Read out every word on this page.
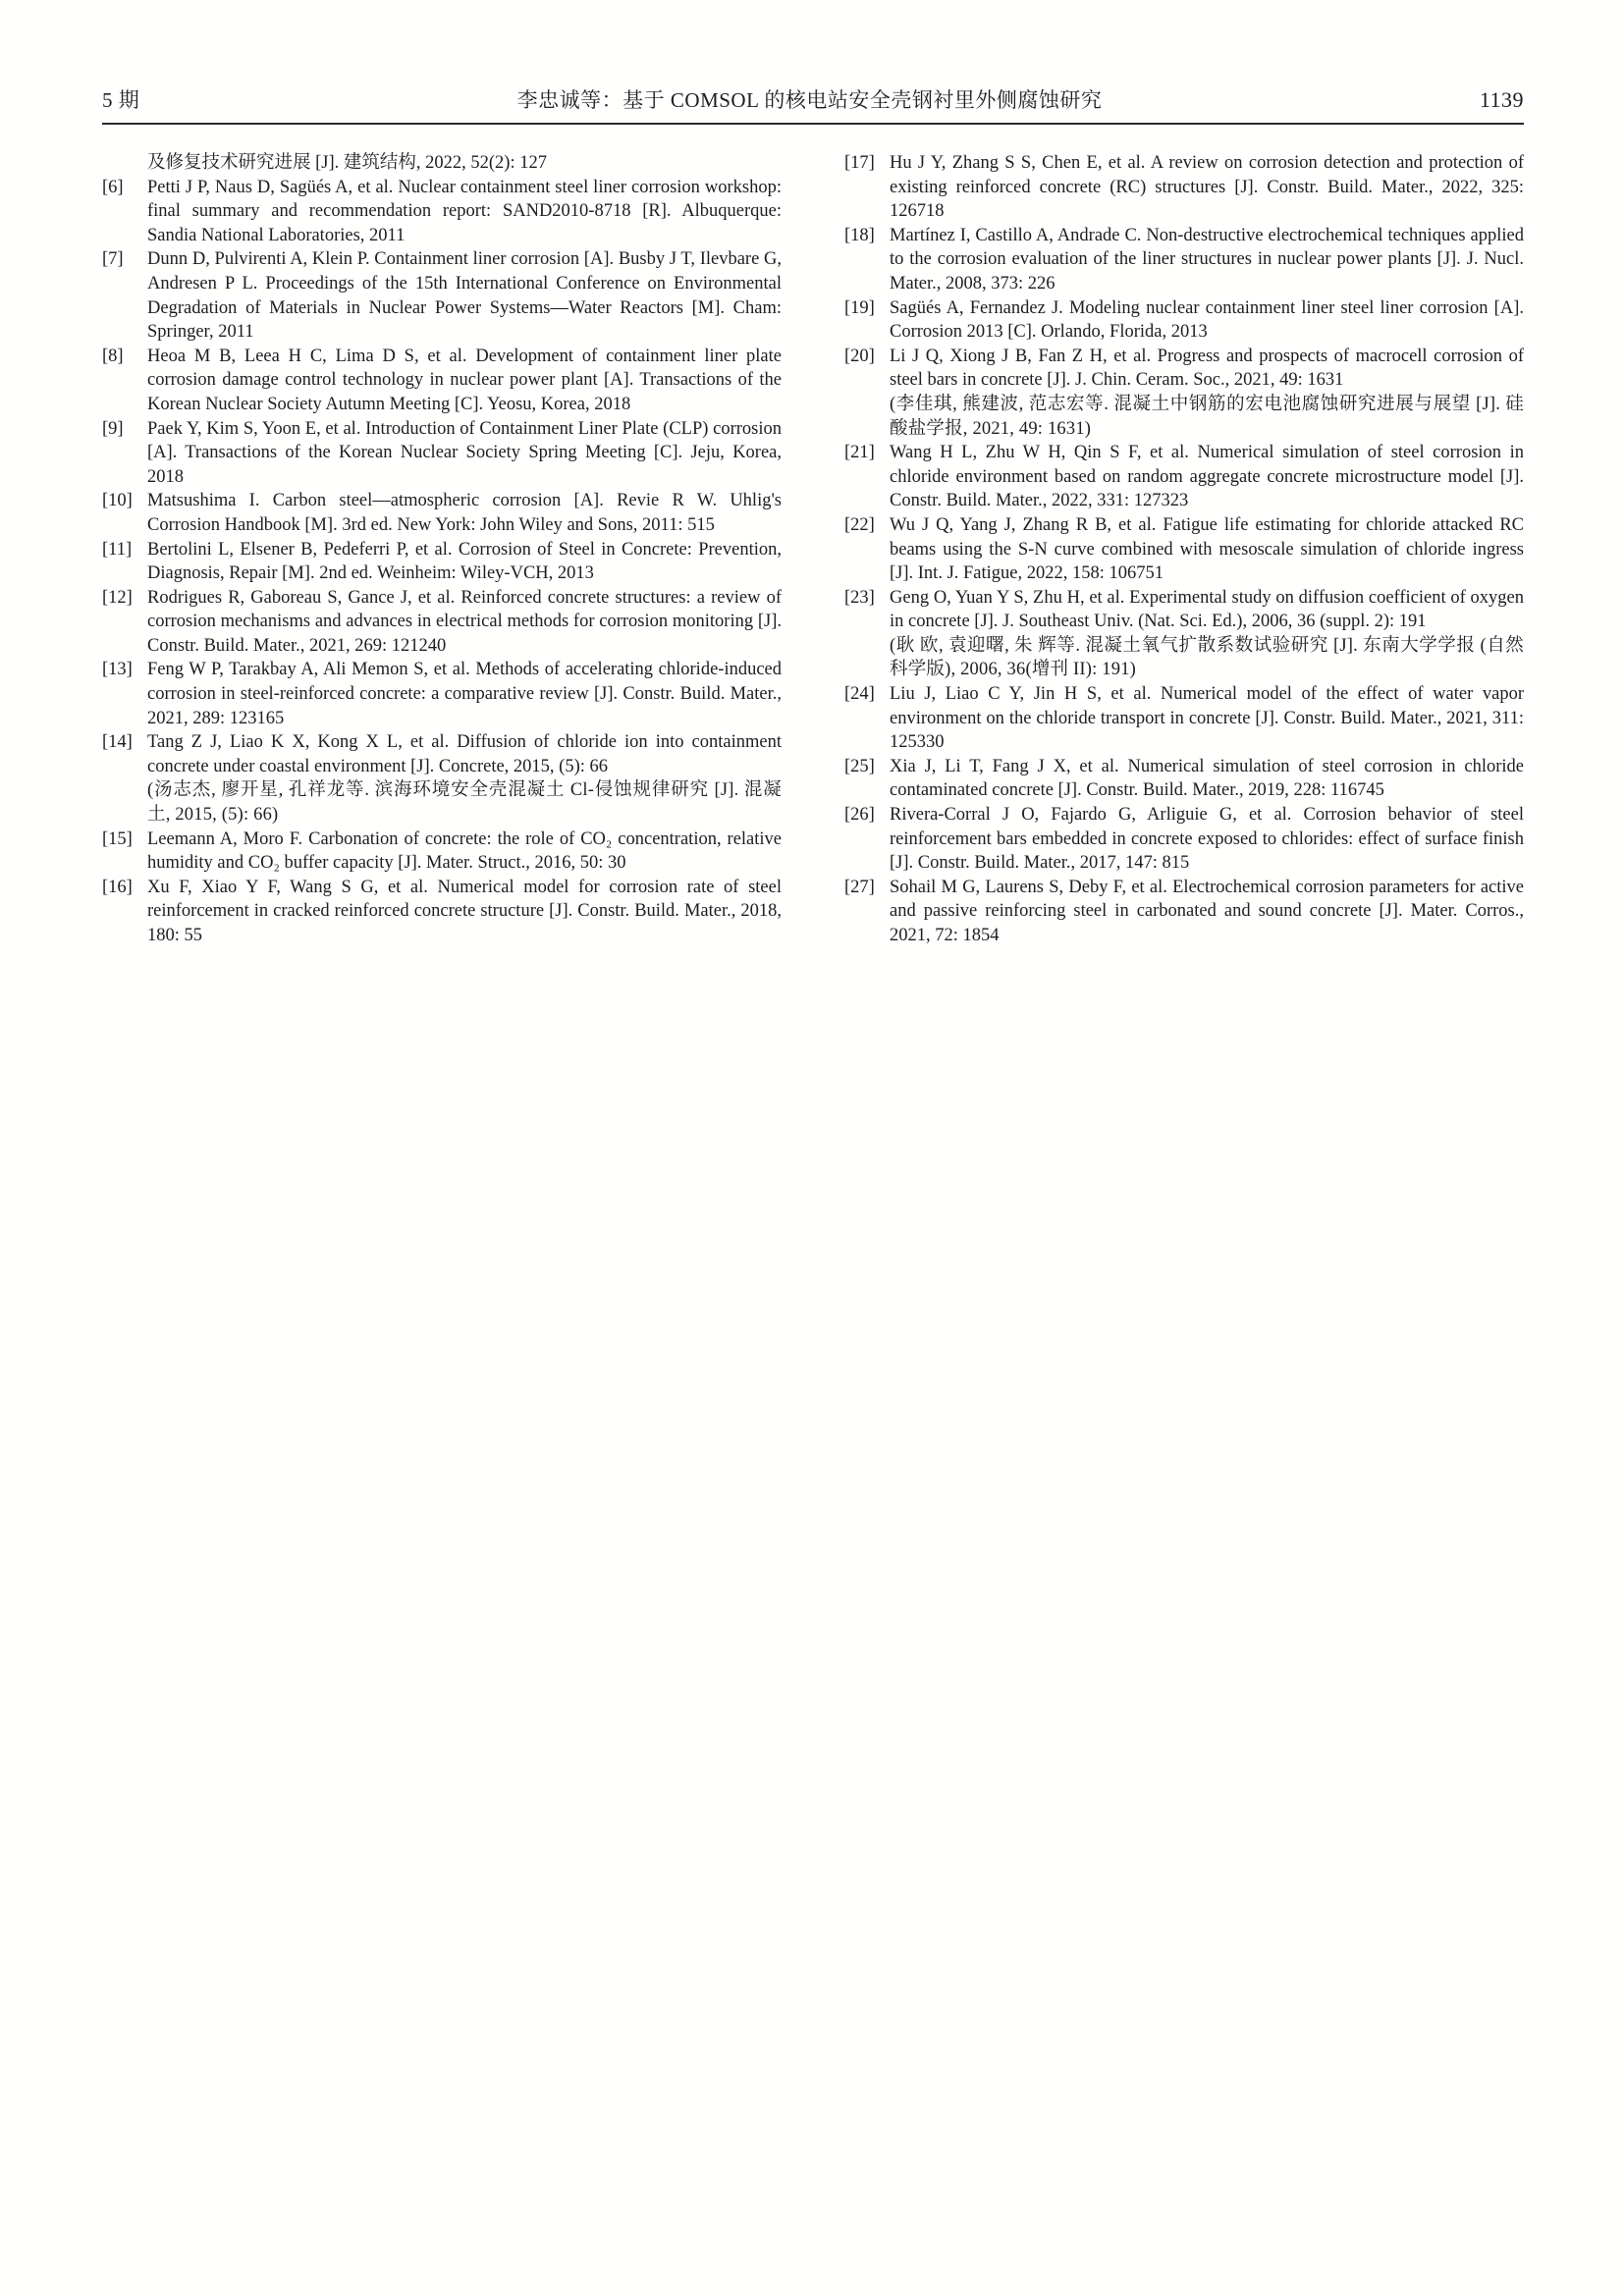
5 期	李忠诚等：基于 COMSOL 的核电站安全壳钢衬里外侧腐蚀研究	1139
及修复技术研究进展 [J]. 建筑结构, 2022, 52(2): 127
[6]	Petti J P, Naus D, Sagüés A, et al. Nuclear containment steel liner corrosion workshop: final summary and recommendation report: SAND2010-8718 [R]. Albuquerque: Sandia National Laboratories, 2011
[7]	Dunn D, Pulvirenti A, Klein P. Containment liner corrosion [A]. Busby J T, Ilevbare G, Andresen P L. Proceedings of the 15th International Conference on Environmental Degradation of Materials in Nuclear Power Systems—Water Reactors [M]. Cham: Springer, 2011
[8]	Heoa M B, Leea H C, Lima D S, et al. Development of containment liner plate corrosion damage control technology in nuclear power plant [A]. Transactions of the Korean Nuclear Society Autumn Meeting [C]. Yeosu, Korea, 2018
[9]	Paek Y, Kim S, Yoon E, et al. Introduction of Containment Liner Plate (CLP) corrosion [A]. Transactions of the Korean Nuclear Society Spring Meeting [C]. Jeju, Korea, 2018
[10] Matsushima I. Carbon steel—atmospheric corrosion [A]. Revie R W. Uhlig's Corrosion Handbook [M]. 3rd ed. New York: John Wiley and Sons, 2011: 515
[11] Bertolini L, Elsener B, Pedeferri P, et al. Corrosion of Steel in Concrete: Prevention, Diagnosis, Repair [M]. 2nd ed. Weinheim: Wiley-VCH, 2013
[12] Rodrigues R, Gaboreau S, Gance J, et al. Reinforced concrete structures: a review of corrosion mechanisms and advances in electrical methods for corrosion monitoring [J]. Constr. Build. Mater., 2021, 269: 121240
[13] Feng W P, Tarakbay A, Ali Memon S, et al. Methods of accelerating chloride-induced corrosion in steel-reinforced concrete: a comparative review [J]. Constr. Build. Mater., 2021, 289: 123165
[14] Tang Z J, Liao K X, Kong X L, et al. Diffusion of chloride ion into containment concrete under coastal environment [J]. Concrete, 2015, (5): 66
(汤志杰, 廖开星, 孔祥龙等. 滨海环境安全壳混凝土 Cl-侵蚀规律研究 [J]. 混凝土, 2015, (5): 66)
[15] Leemann A, Moro F. Carbonation of concrete: the role of CO₂ concentration, relative humidity and CO₂ buffer capacity [J]. Mater. Struct., 2016, 50: 30
[16] Xu F, Xiao Y F, Wang S G, et al. Numerical model for corrosion rate of steel reinforcement in cracked reinforced concrete structure [J]. Constr. Build. Mater., 2018, 180: 55
[17] Hu J Y, Zhang S S, Chen E, et al. A review on corrosion detection and protection of existing reinforced concrete (RC) structures [J]. Constr. Build. Mater., 2022, 325: 126718
[18] Martínez I, Castillo A, Andrade C. Non-destructive electrochemical techniques applied to the corrosion evaluation of the liner structures in nuclear power plants [J]. J. Nucl. Mater., 2008, 373: 226
[19] Sagüés A, Fernandez J. Modeling nuclear containment liner steel liner corrosion [A]. Corrosion 2013 [C]. Orlando, Florida, 2013
[20] Li J Q, Xiong J B, Fan Z H, et al. Progress and prospects of macrocell corrosion of steel bars in concrete [J]. J. Chin. Ceram. Soc., 2021, 49: 1631
(李佳琪, 熊建波, 范志宏等. 混凝土中钢筋的宏电池腐蚀研究进展与展望 [J]. 硅酸盐学报, 2021, 49: 1631)
[21] Wang H L, Zhu W H, Qin S F, et al. Numerical simulation of steel corrosion in chloride environment based on random aggregate concrete microstructure model [J]. Constr. Build. Mater., 2022, 331: 127323
[22] Wu J Q, Yang J, Zhang R B, et al. Fatigue life estimating for chloride attacked RC beams using the S-N curve combined with mesoscale simulation of chloride ingress [J]. Int. J. Fatigue, 2022, 158: 106751
[23] Geng O, Yuan Y S, Zhu H, et al. Experimental study on diffusion coefficient of oxygen in concrete [J]. J. Southeast Univ. (Nat. Sci. Ed.), 2006, 36 (suppl. 2): 191
(耿 欧, 袁迎曙, 朱 辉等. 混凝土氧气扩散系数试验研究 [J]. 东南大学学报 (自然科学版), 2006, 36(增刊 II): 191)
[24] Liu J, Liao C Y, Jin H S, et al. Numerical model of the effect of water vapor environment on the chloride transport in concrete [J]. Constr. Build. Mater., 2021, 311: 125330
[25] Xia J, Li T, Fang J X, et al. Numerical simulation of steel corrosion in chloride contaminated concrete [J]. Constr. Build. Mater., 2019, 228: 116745
[26] Rivera-Corral J O, Fajardo G, Arliguie G, et al. Corrosion behavior of steel reinforcement bars embedded in concrete exposed to chlorides: effect of surface finish [J]. Constr. Build. Mater., 2017, 147: 815
[27] Sohail M G, Laurens S, Deby F, et al. Electrochemical corrosion parameters for active and passive reinforcing steel in carbonated and sound concrete [J]. Mater. Corros., 2021, 72: 1854
